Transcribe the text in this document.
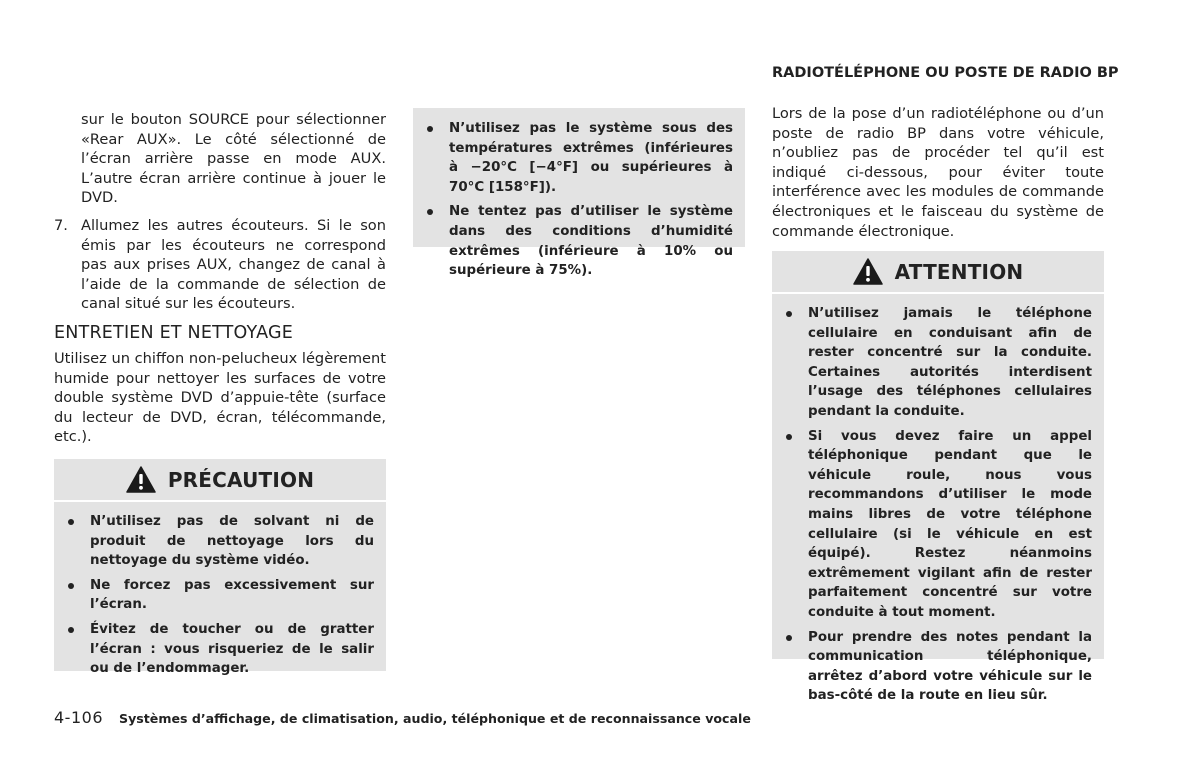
sur le bouton SOURCE pour sélectionner «Rear AUX». Le côté sélectionné de l’écran arrière passe en mode AUX. L’autre écran arrière continue à jouer le DVD.
7. Allumez les autres écouteurs. Si le son émis par les écouteurs ne correspond pas aux prises AUX, changez de canal à l’aide de la commande de sélection de canal situé sur les écouteurs.
ENTRETIEN ET NETTOYAGE
Utilisez un chiffon non-pelucheux légèrement humide pour nettoyer les surfaces de votre double système DVD d’appuie-tête (surface du lecteur de DVD, écran, télécommande, etc.).
PRÉCAUTION
N’utilisez pas de solvant ni de produit de nettoyage lors du nettoyage du système vidéo.
Ne forcez pas excessivement sur l’écran.
Évitez de toucher ou de gratter l’écran : vous risqueriez de le salir ou de l’endommager.
N’utilisez pas le système sous des températures extrêmes (inférieures à −20°C [−4°F] ou supérieures à 70°C [158°F]).
Ne tentez pas d’utiliser le système dans des conditions d’humidité extrêmes (inférieure à 10% ou supérieure à 75%).
RADIOTÉLÉPHONE OU POSTE DE RADIO BP
Lors de la pose d’un radiotéléphone ou d’un poste de radio BP dans votre véhicule, n’oubliez pas de procéder tel qu’il est indiqué ci-dessous, pour éviter toute interférence avec les modules de commande électroniques et le faisceau du système de commande électronique.
ATTENTION
N’utilisez jamais le téléphone cellulaire en conduisant afin de rester concentré sur la conduite. Certaines autorités interdisent l’usage des téléphones cellulaires pendant la conduite.
Si vous devez faire un appel téléphonique pendant que le véhicule roule, nous vous recommandons d’utiliser le mode mains libres de votre téléphone cellulaire (si le véhicule en est équipé). Restez néanmoins extrêmement vigilant afin de rester parfaitement concentré sur votre conduite à tout moment.
Pour prendre des notes pendant la communication téléphonique, arrêtez d’abord votre véhicule sur le bas-côté de la route en lieu sûr.
4-106 Systèmes d’affichage, de climatisation, audio, téléphonique et de reconnaissance vocale
